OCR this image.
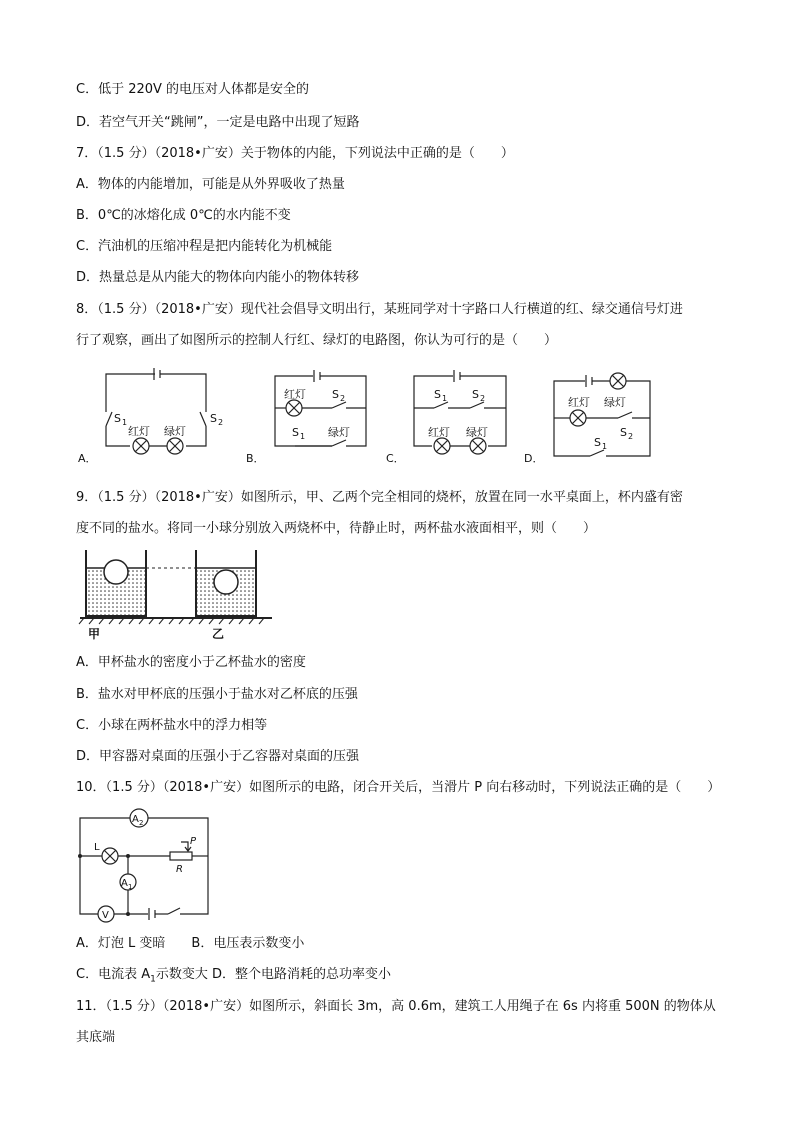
C．低于 220V 的电压对人体都是安全的
D．若空气开关“跳闸”，一定是电路中出现了短路
7．（1.5 分）（2018•广安）关于物体的内能，下列说法中正确的是（　　）
A．物体的内能增加，可能是从外界吸收了热量
B．0℃的冰熔化成 0℃的水内能不变
C．汽油机的压缩冲程是把内能转化为机械能
D．热量总是从内能大的物体向内能小的物体转移
8．（1.5 分）（2018•广安）现代社会倡导文明出行，某班同学对十字路口人行横道的红、绿交通信号灯进
行了观察，画出了如图所示的控制人行红、绿灯的电路图，你认为可行的是（　　）
A．
S 1	S 2
红灯 绿灯
B．
红灯 S 2
S 1 绿灯
C．
S 1 S 2
红灯 绿灯
D．
红灯 绿灯
S 2
S 1
9．（1.5 分）（2018•广安）如图所示，甲、乙两个完全相同的烧杯，放置在同一水平桌面上，杯内盛有密
度不同的盐水。将同一小球分别放入两烧杯中，待静止时，两杯盐水液面相平，则（　　）
甲	乙
A．甲杯盐水的密度小于乙杯盐水的密度
B．盐水对甲杯底的压强小于盐水对乙杯底的压强
C．小球在两杯盐水中的浮力相等
D．甲容器对桌面的压强小于乙容器对桌面的压强
10．（1.5 分）（2018•广安）如图所示的电路，闭合开关后，当滑片 P 向右移动时，下列说法正确的是（　　）
A 2
A 1
V
L
P
R
A．灯泡 L 变暗　　B．电压表示数变小
C．电流表 $A_1$示数变大 D．整个电路消耗的总功率变小
11．（1.5 分）（2018•广安）如图所示，斜面长 3m，高 0.6m，建筑工人用绳子在 6s 内将重 500N 的物体从
其底端
